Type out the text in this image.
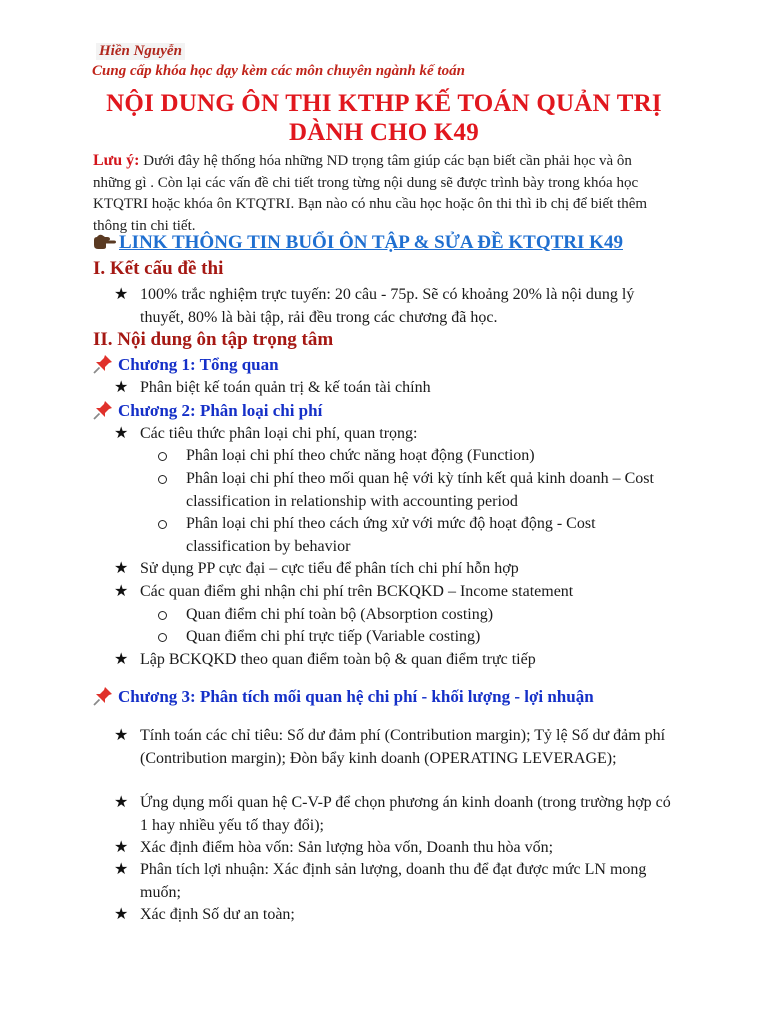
Hiền Nguyễn
Cung cấp khóa học dạy kèm các môn chuyên ngành kế toán
NỘI DUNG ÔN THI KTHP KẾ TOÁN QUẢN TRỊ
DÀNH CHO K49
Lưu ý: Dưới đây hệ thống hóa những ND trọng tâm giúp các bạn biết cần phải học và ôn những gì . Còn lại các vấn đề chi tiết trong từng nội dung sẽ được trình bày trong khóa học KTQTRI hoặc khóa ôn KTQTRI. Bạn nào có nhu cầu học hoặc ôn thi thì ib chị để biết thêm thông tin chi tiết.
LINK THÔNG TIN BUỔI ÔN TẬP & SỬA ĐỀ KTQTRI K49
I. Kết cấu đề thi
★ 100% trắc nghiệm trực tuyến: 20 câu - 75p. Sẽ có khoảng 20% là nội dung lý thuyết, 80% là bài tập, rải đều trong các chương đã học.
II. Nội dung ôn tập trọng tâm
Chương 1: Tổng quan
★ Phân biệt kế toán quản trị & kế toán tài chính
Chương 2: Phân loại chi phí
★ Các tiêu thức phân loại chi phí, quan trọng:
Phân loại chi phí theo chức năng hoạt động (Function)
Phân loại chi phí theo mối quan hệ với kỳ tính kết quả kinh doanh – Cost classification in relationship with accounting period
Phân loại chi phí theo cách ứng xử với mức độ hoạt động - Cost classification by behavior
★ Sử dụng PP cực đại – cực tiểu để phân tích chi phí hỗn hợp
★ Các quan điểm ghi nhận chi phí trên BCKQKD – Income statement
Quan điểm chi phí toàn bộ (Absorption costing)
Quan điểm chi phí trực tiếp (Variable costing)
★ Lập BCKQKD theo quan điểm toàn bộ & quan điểm trực tiếp
Chương 3: Phân tích mối quan hệ chi phí - khối lượng - lợi nhuận
★ Tính toán các chỉ tiêu: Số dư đảm phí (Contribution margin); Tỷ lệ Số dư đảm phí (Contribution margin); Đòn bẩy kinh doanh (OPERATING LEVERAGE);
★ Ứng dụng mối quan hệ C-V-P để chọn phương án kinh doanh (trong trường hợp có 1 hay nhiều yếu tố thay đổi);
★ Xác định điểm hòa vốn: Sản lượng hòa vốn, Doanh thu hòa vốn;
★ Phân tích lợi nhuận: Xác định sản lượng, doanh thu để đạt được mức LN mong muốn;
★ Xác định Số dư an toàn;
